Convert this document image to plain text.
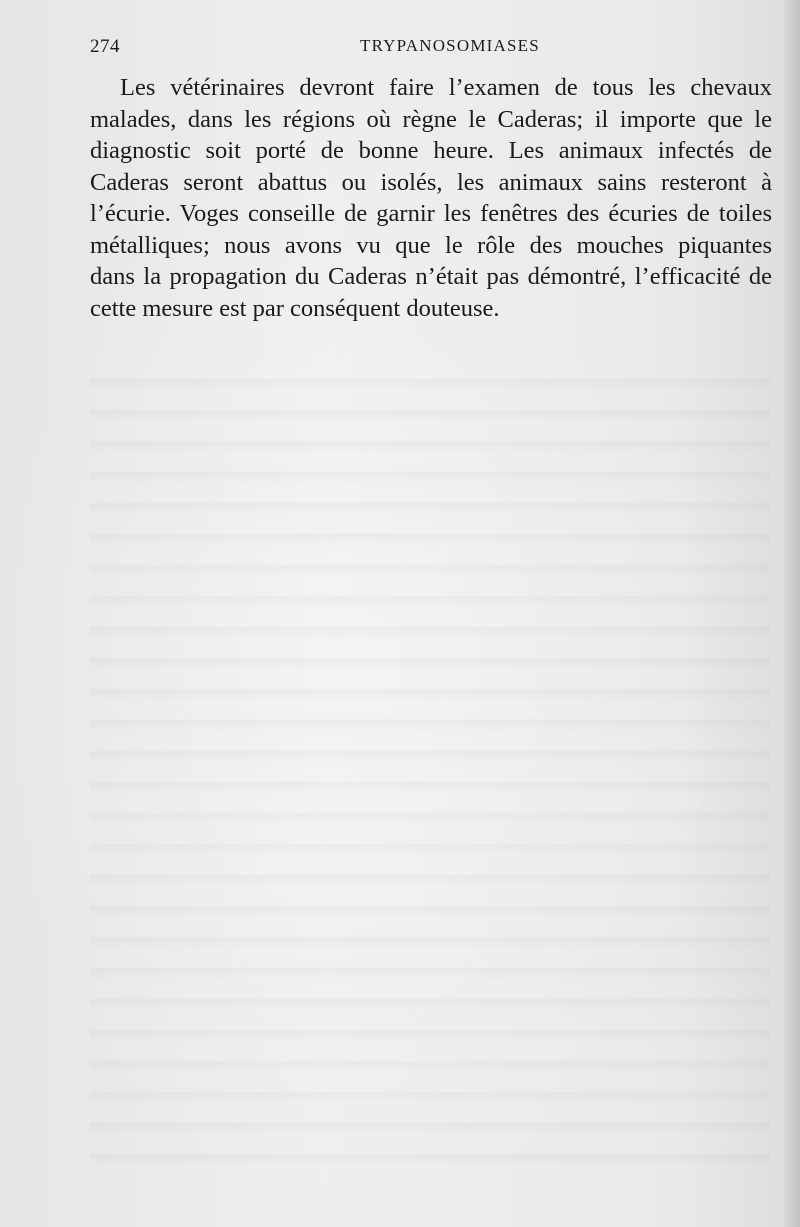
274	TRYPANOSOMIASES
Les vétérinaires devront faire l’examen de tous les chevaux
malades, dans les régions où règne le Caderas; il importe que le
diagnostic soit porté de bonne heure. Les animaux infectés de
Caderas seront abattus ou isolés, les animaux sains resteront à
l’écurie. Voges conseille de garnir les fenêtres des écuries de toiles
métalliques; nous avons vu que le rôle des mouches piquantes
dans la propagation du Caderas n’était pas démontré, l’efficacité de
cette mesure est par conséquent douteuse.
